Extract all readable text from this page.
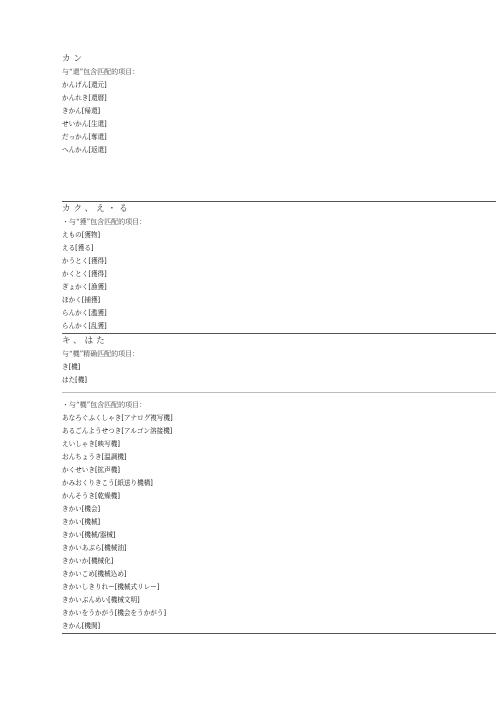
カン
与“還”包含匹配的项目：
かんげん[還元]
かんれき[還暦]
きかん[帰還]
せいかん[生還]
だっかん[奪還]
へんかん[返還]
カク、え・る
・与“獲”包含匹配的项目：
えもの[獲物]
える[獲る]
かうとく[獲得]
かくとく[獲得]
ぎょかく[漁獲]
ほかく[捕獲]
らんかく[濫獲]
らんかく[乱獲]
キ、はた
与“機”精确匹配的项目：
き[機]
はた[機]
・与“機”包含匹配的项目：
あなろぐふくしゃき[アナログ複写機]
あるごんようせつき[アルゴン溶接機]
えいしゃき[映写機]
おんちょうき[温調機]
かくせいき[拡声機]
かみおくりきこう[紙送り機構]
かんそうき[乾燥機]
きかい[機会]
きかい[機械]
きかい[機械/器械]
きかいあぶら[機械油]
きかいか[機械化]
きかいこめ[機械込め]
きかいしきりれー[機械式リレー]
きかいぶんめい[機械文明]
きかいをうかがう[機会をうかがう]
きかん[機関]
